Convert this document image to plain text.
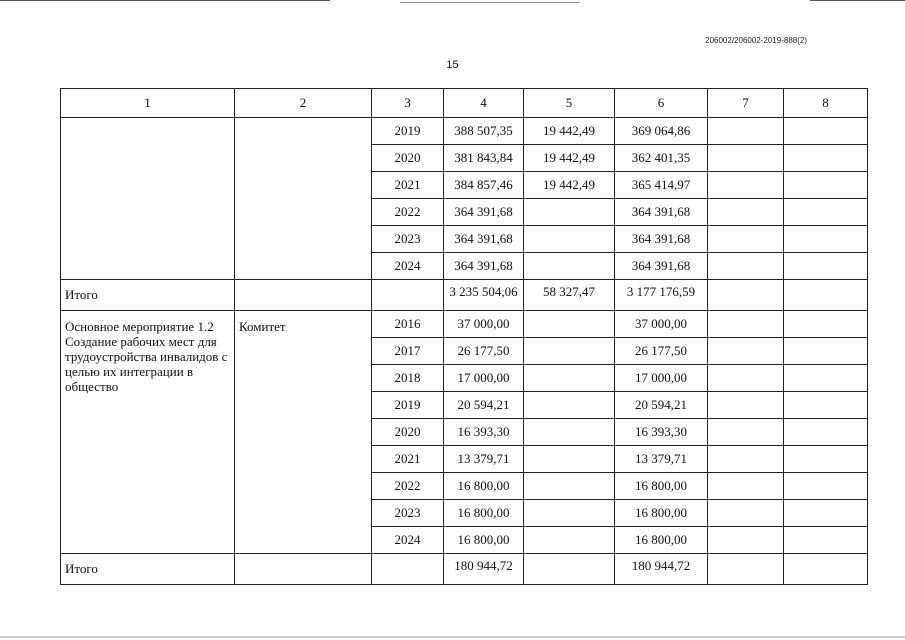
206002/206002-2019-888(2)
15
1	2	3	4	5	6	7	8
		2019	388 507,35	19 442,49	369 064,86		
		2020	381 843,84	19 442,49	362 401,35		
		2021	384 857,46	19 442,49	365 414,97		
		2022	364 391,68		364 391,68		
		2023	364 391,68		364 391,68		
		2024	364 391,68		364 391,68		
Итого			3 235 504,06	58 327,47	3 177 176,59		
Основное мероприятие 1.2 Создание рабочих мест для трудоустройства инвалидов с целью их интеграции в общество	Комитет	2016	37 000,00		37 000,00		
		2017	26 177,50		26 177,50		
		2018	17 000,00		17 000,00		
		2019	20 594,21		20 594,21		
		2020	16 393,30		16 393,30		
		2021	13 379,71		13 379,71		
		2022	16 800,00		16 800,00		
		2023	16 800,00		16 800,00		
		2024	16 800,00		16 800,00		
Итого			180 944,72		180 944,72		
